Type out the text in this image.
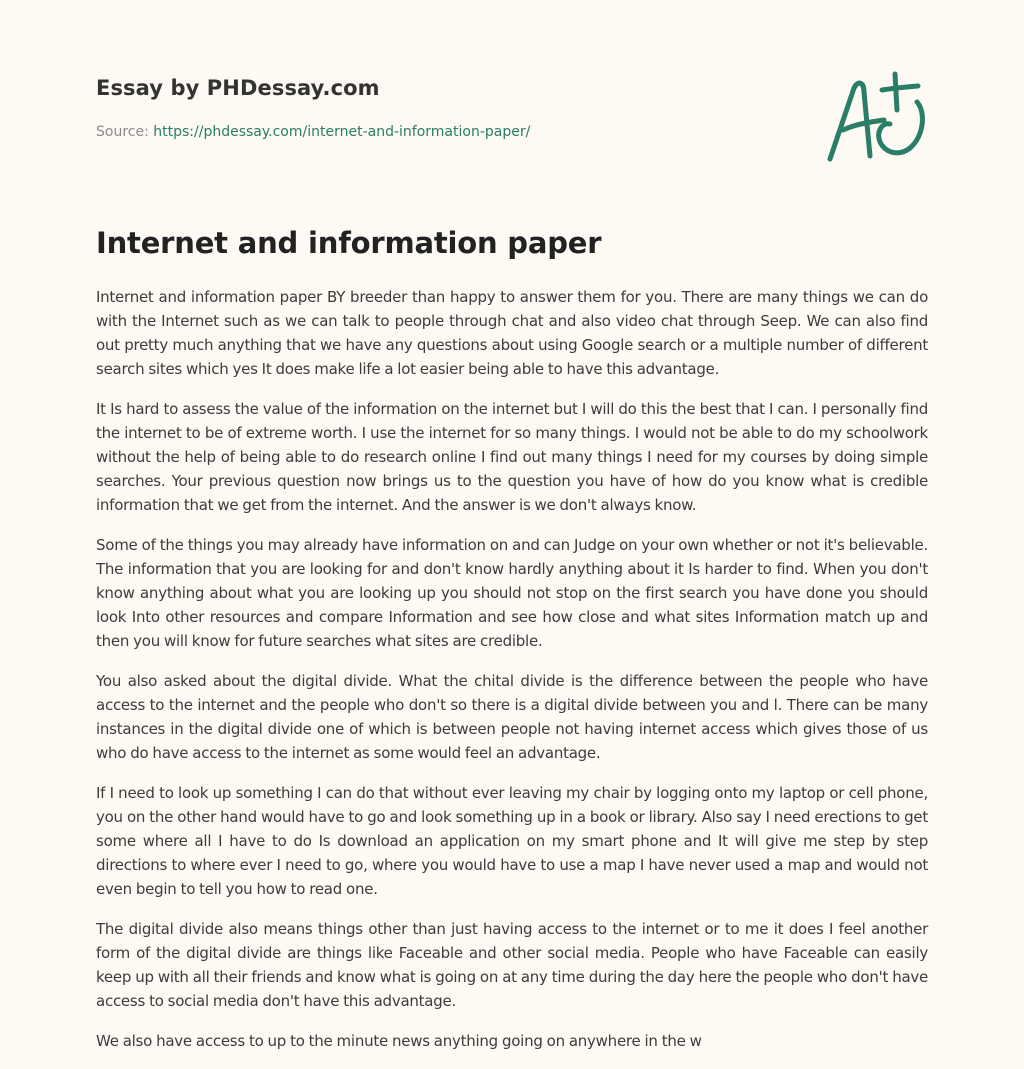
Essay by PHDessay.com
Source: https://phdessay.com/internet-and-information-paper/
Internet and information paper

Internet and information paper BY breeder than happy to answer them for you. There are many things we can do with the Internet such as we can talk to people through chat and also video chat through Seep. We can also find out pretty much anything that we have any questions about using Google search or a multiple number of different search sites which yes It does make life a lot easier being able to have this advantage.

It Is hard to assess the value of the information on the internet but I will do this the best that I can. I personally find the internet to be of extreme worth. I use the internet for so many things. I would not be able to do my schoolwork without the help of being able to do research online I find out many things I need for my courses by doing simple searches. Your previous question now brings us to the question you have of how do you know what is credible information that we get from the internet. And the answer is we don't always know.

Some of the things you may already have information on and can Judge on your own whether or not it's believable. The information that you are looking for and don't know hardly anything about it Is harder to find. When you don't know anything about what you are looking up you should not stop on the first search you have done you should look Into other resources and compare Information and see how close and what sites Information match up and then you will know for future searches what sites are credible.

You also asked about the digital divide. What the chital divide is the difference between the people who have access to the internet and the people who don't so there is a digital divide between you and l. There can be many instances in the digital divide one of which is between people not having internet access which gives those of us who do have access to the internet as some would feel an advantage.

If I need to look up something I can do that without ever leaving my chair by logging onto my laptop or cell phone, you on the other hand would have to go and look something up in a book or library. Also say I need erections to get some where all I have to do Is download an application on my smart phone and It will give me step by step directions to where ever I need to go, where you would have to use a map I have never used a map and would not even begin to tell you how to read one.

The digital divide also means things other than just having access to the internet or to me it does I feel another form of the digital divide are things like Faceable and other social media. People who have Faceable can easily keep up with all their friends and know what is going on at any time during the day here the people who don't have access to social media don't have this advantage.

We also have access to up to the minute news anything going on anywhere in the w
